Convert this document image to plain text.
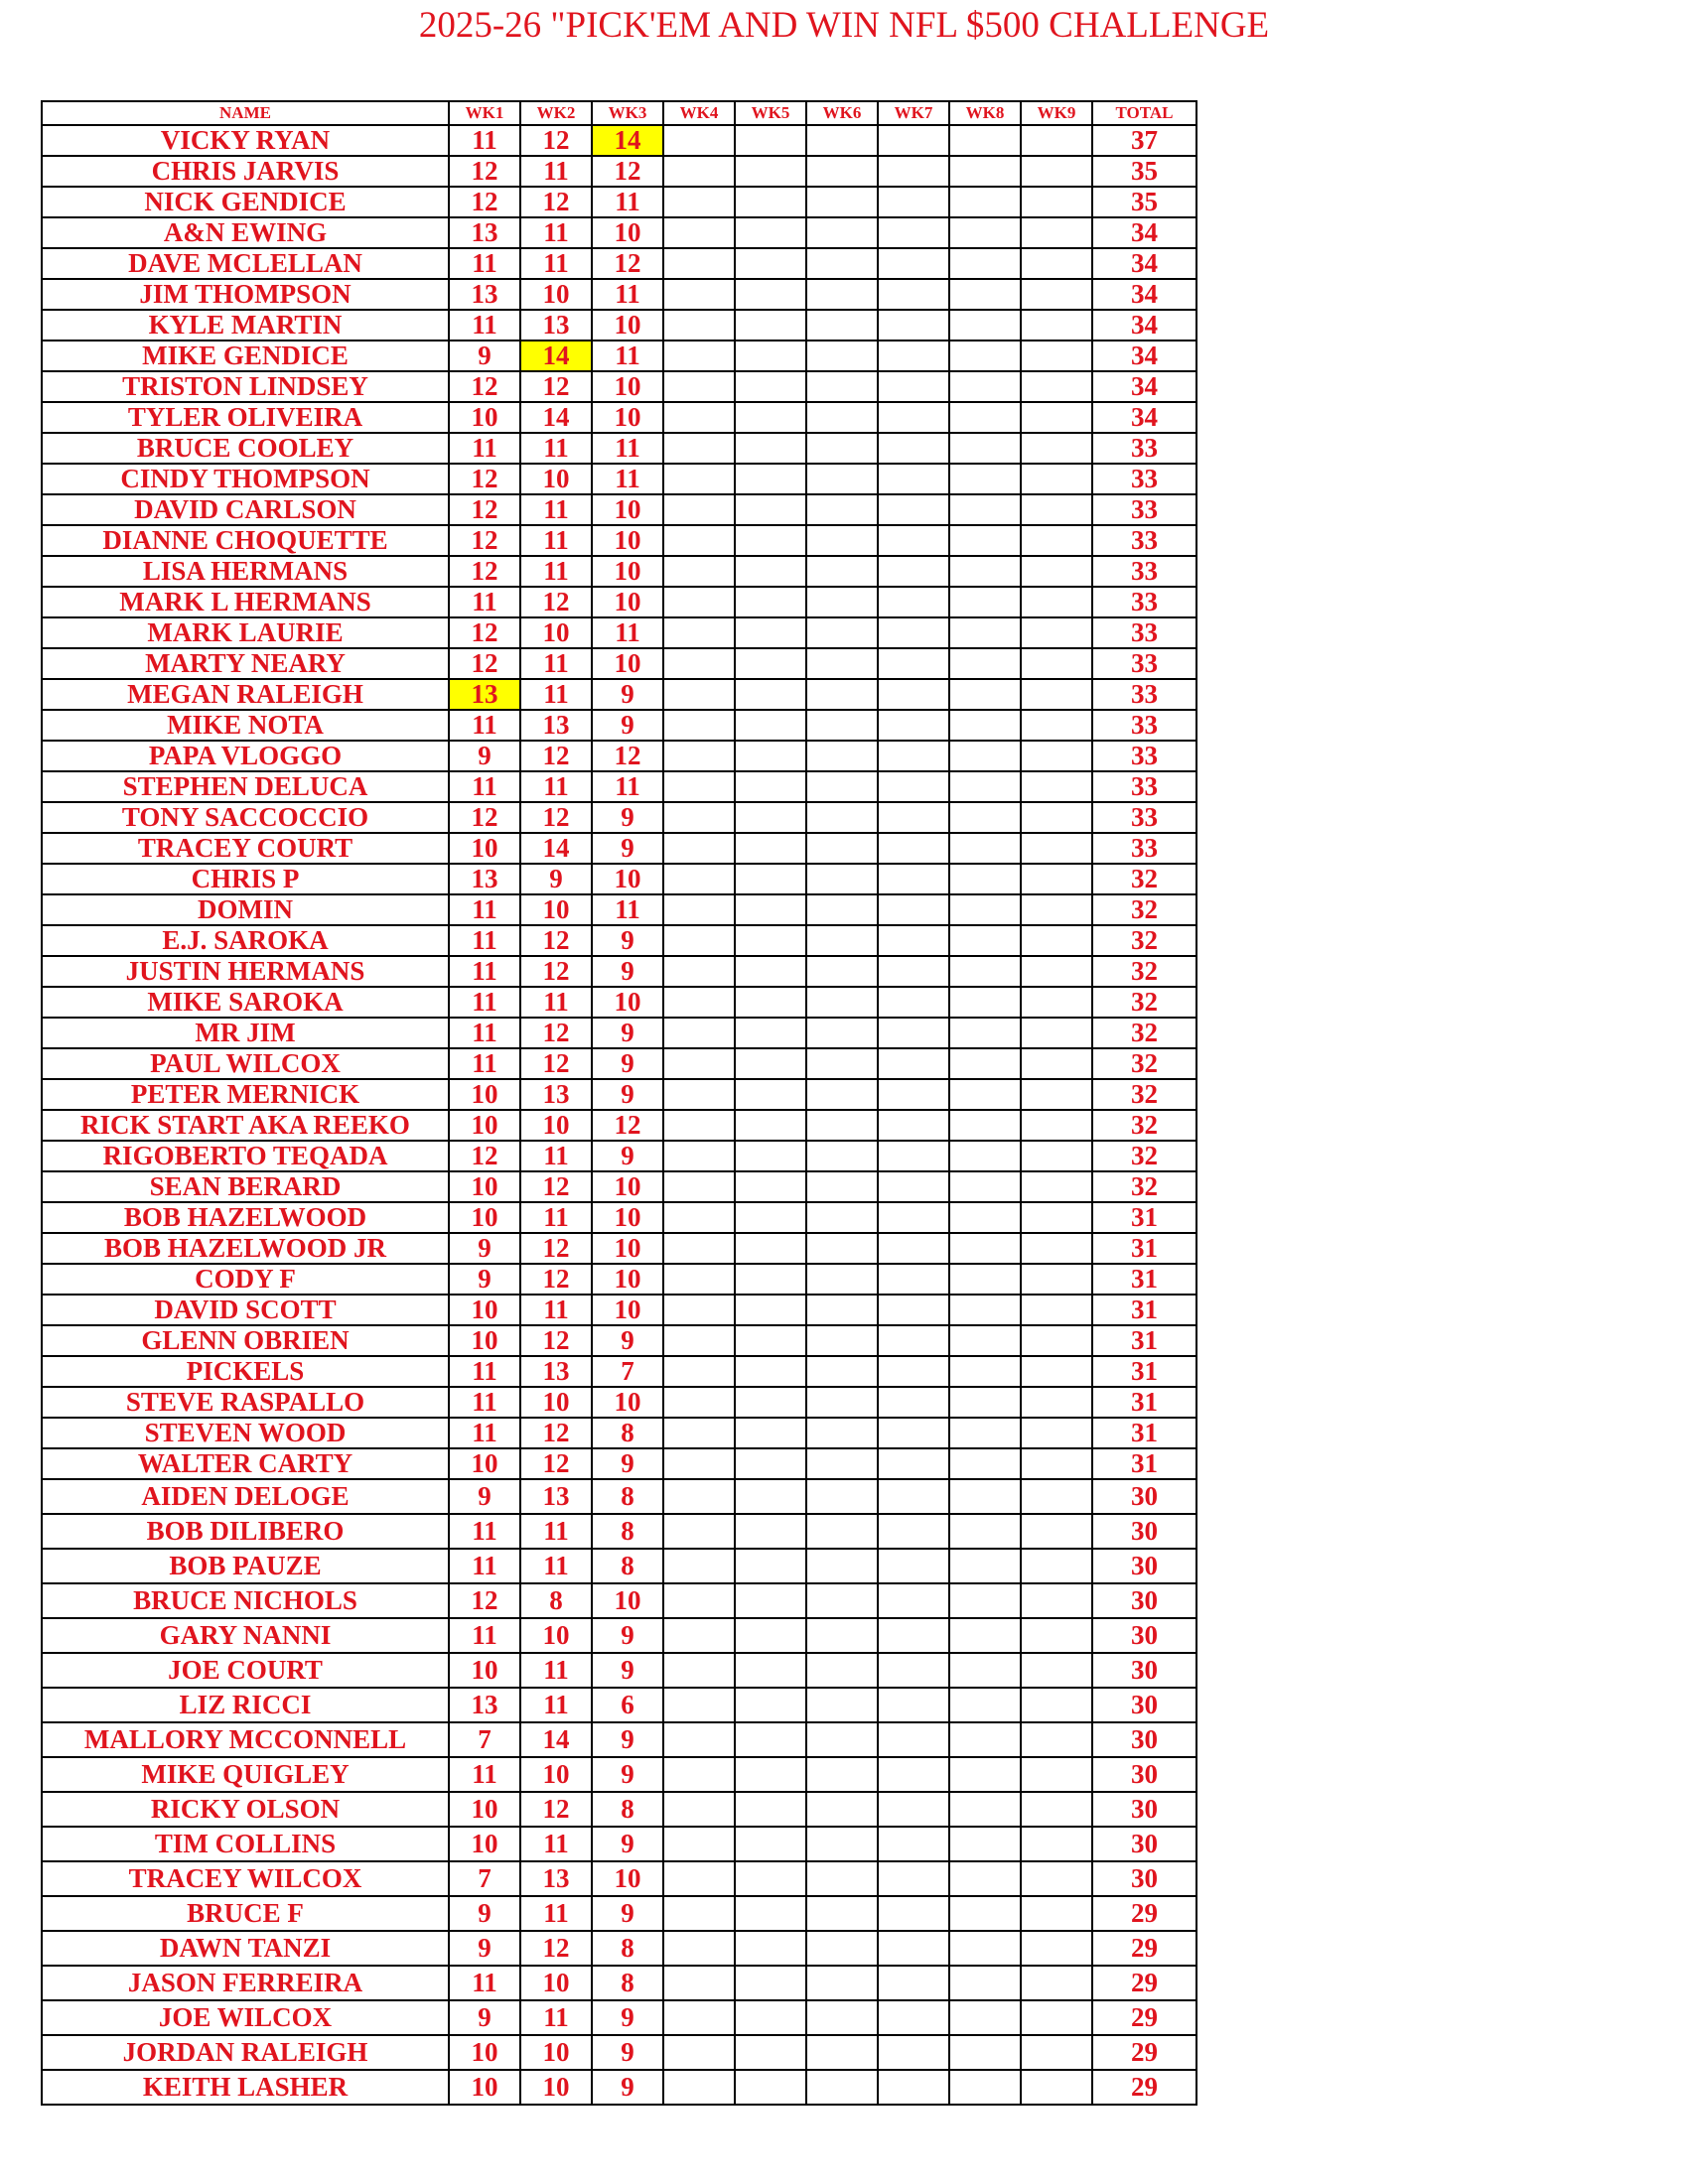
2025-26 "PICK'EM AND WIN NFL $500 CHALLENGE
NAME	WK1	WK2	WK3	WK4	WK5	WK6	WK7	WK8	WK9	TOTAL
VICKY RYAN	11	12	14							37
CHRIS JARVIS	12	11	12							35
NICK GENDICE	12	12	11							35
A&N EWING	13	11	10							34
DAVE MCLELLAN	11	11	12							34
JIM THOMPSON	13	10	11							34
KYLE MARTIN	11	13	10							34
MIKE GENDICE	9	14	11							34
TRISTON LINDSEY	12	12	10							34
TYLER OLIVEIRA	10	14	10							34
BRUCE COOLEY	11	11	11							33
CINDY THOMPSON	12	10	11							33
DAVID CARLSON	12	11	10							33
DIANNE CHOQUETTE	12	11	10							33
LISA HERMANS	12	11	10							33
MARK L HERMANS	11	12	10							33
MARK LAURIE	12	10	11							33
MARTY NEARY	12	11	10							33
MEGAN RALEIGH	13	11	9							33
MIKE NOTA	11	13	9							33
PAPA VLOGGO	9	12	12							33
STEPHEN DELUCA	11	11	11							33
TONY SACCOCCIO	12	12	9							33
TRACEY COURT	10	14	9							33
CHRIS P	13	9	10							32
DOMIN	11	10	11							32
E.J. SAROKA	11	12	9							32
JUSTIN HERMANS	11	12	9							32
MIKE SAROKA	11	11	10							32
MR JIM	11	12	9							32
PAUL WILCOX	11	12	9							32
PETER MERNICK	10	13	9							32
RICK START AKA REEKO	10	10	12							32
RIGOBERTO TEQADA	12	11	9							32
SEAN BERARD	10	12	10							32
BOB HAZELWOOD	10	11	10							31
BOB HAZELWOOD JR	9	12	10							31
CODY F	9	12	10							31
DAVID SCOTT	10	11	10							31
GLENN OBRIEN	10	12	9							31
PICKELS	11	13	7							31
STEVE RASPALLO	11	10	10							31
STEVEN WOOD	11	12	8							31
WALTER CARTY	10	12	9							31
AIDEN DELOGE	9	13	8							30
BOB DILIBERO	11	11	8							30
BOB PAUZE	11	11	8							30
BRUCE NICHOLS	12	8	10							30
GARY NANNI	11	10	9							30
JOE COURT	10	11	9							30
LIZ RICCI	13	11	6							30
MALLORY MCCONNELL	7	14	9							30
MIKE QUIGLEY	11	10	9							30
RICKY OLSON	10	12	8							30
TIM COLLINS	10	11	9							30
TRACEY WILCOX	7	13	10							30
BRUCE F	9	11	9							29
DAWN TANZI	9	12	8							29
JASON FERREIRA	11	10	8							29
JOE WILCOX	9	11	9							29
JORDAN RALEIGH	10	10	9							29
KEITH LASHER	10	10	9							29
